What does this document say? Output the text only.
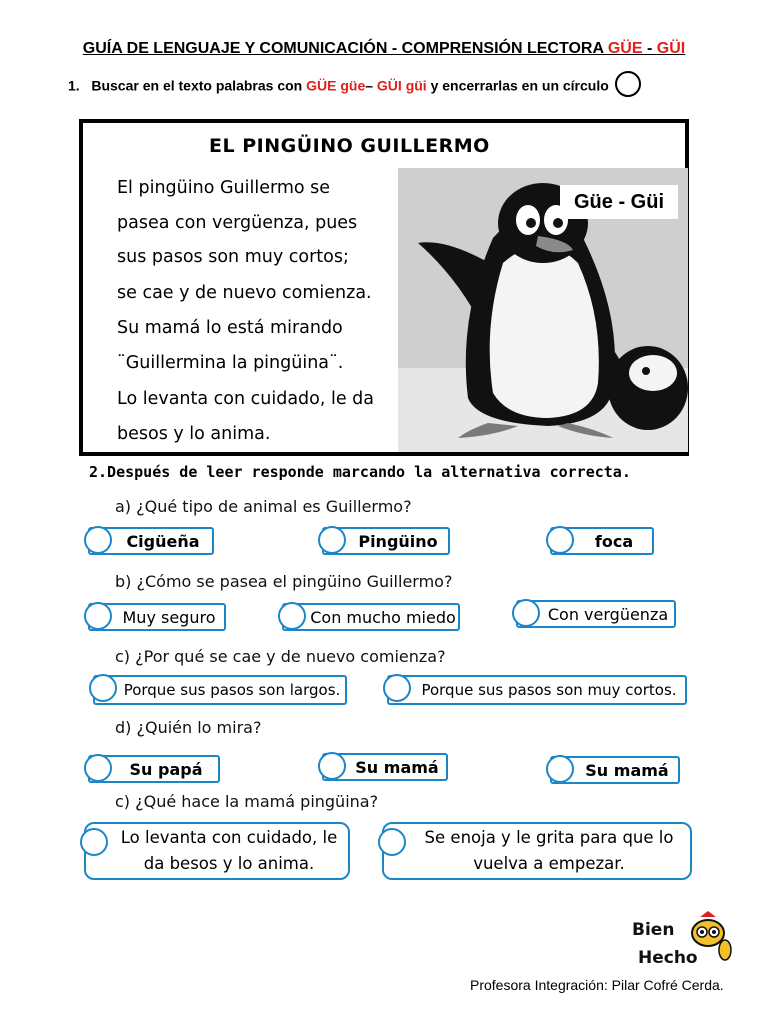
GUÍA DE LENGUAJE Y COMUNICACIÓN - COMPRENSIÓN LECTORA GÜE - GÜI
1. Buscar en el texto palabras con GÜE güe– GÜI güi y encerrarlas en un círculo
EL PINGÜINO GUILLERMO
El pingüino Guillermo se
pasea con vergüenza, pues
sus pasos son muy cortos;
se cae y de nuevo comienza.
Su mamá lo está mirando
¨Guillermina la pingüina¨.
Lo levanta con cuidado, le da
besos y lo anima.
Güe - Güi
2.Después de leer responde marcando la alternativa correcta.
a) ¿Qué tipo de animal es Guillermo?
Cigüeña	Pingüino	foca
b) ¿Cómo se pasea el pingüino Guillermo?
Muy seguro	Con mucho miedo	Con vergüenza
c) ¿Por qué se cae y de nuevo comienza?
Porque sus pasos son largos.	Porque sus pasos son muy cortos.
d) ¿Quién lo mira?
Su papá	Su mamá	Su mamá
c) ¿Qué hace la mamá pingüina?
Lo levanta con cuidado, le da besos y lo anima.
Se enoja y le grita para que lo vuelva a empezar.
Bien
Hecho
Profesora Integración: Pilar Cofré Cerda.
